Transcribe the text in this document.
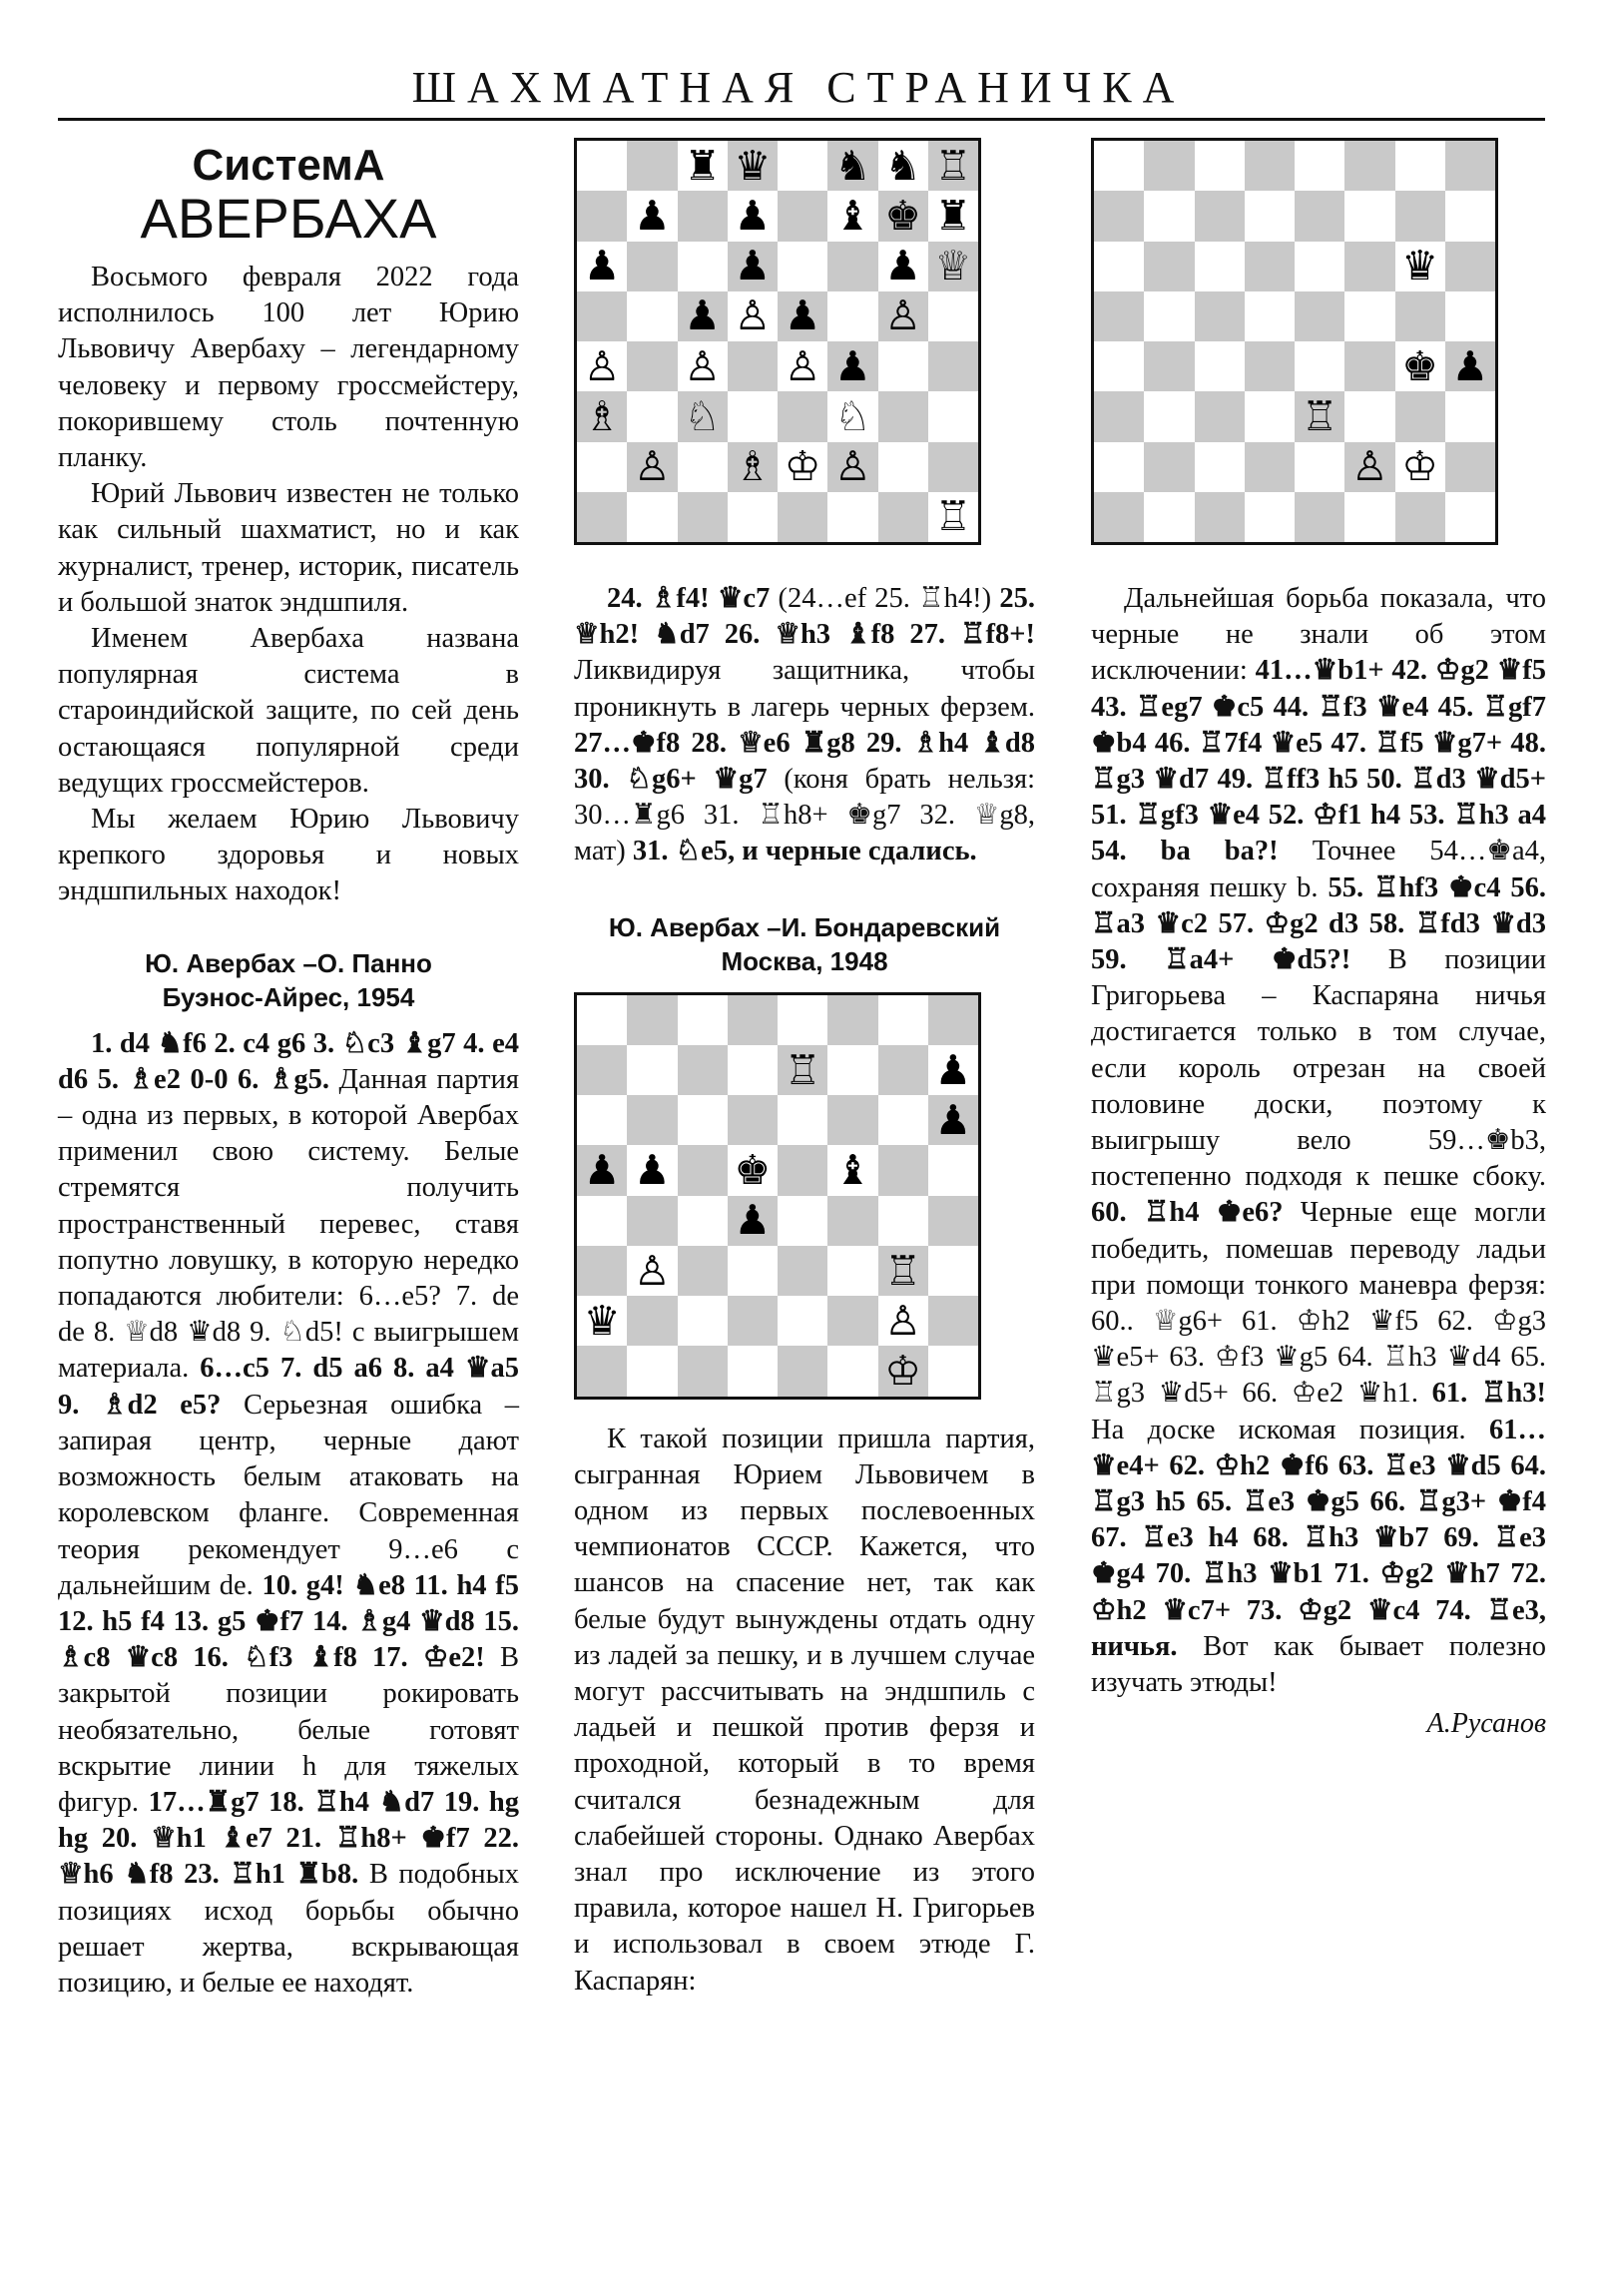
ШАХМАТНАЯ СТРАНИЧКА
СистемА
АВЕРБАХА

Восьмого февраля 2022 года исполнилось 100 лет Юрию Львовичу Авербаху – легендарному человеку и первому гроссмейстеру, покорившему столь почтенную планку.

Юрий Львович известен не только как сильный шахматист, но и как журналист, тренер, историк, писатель и большой знаток эндшпиля.

Именем Авербаха названа популярная система в староиндийской защите, по сей день остающаяся популярной среди ведущих гроссмейстеров.

Мы желаем Юрию Львовичу крепкого здоровья и новых эндшпильных находок!

Ю. Авербах –О. Панно
Буэнос-Айрес, 1954

1. d4 ♞f6 2. c4 g6 3. ♘c3 ♝g7 4. e4 d6 5. ♗e2 0-0 6. ♗g5. Данная партия – одна из первых, в которой Авербах применил свою систему. Белые стремятся получить пространственный перевес, ставя попутно ловушку, в которую нередко попадаются любители: 6…e5? 7. de de 8. ♕d8 ♛d8 9. ♘d5! с выигрышем материала. 6…c5 7. d5 a6 8. a4 ♛a5 9. ♗d2 e5? Серьезная ошибка – запирая центр, черные дают возможность белым атаковать на королевском фланге. Современная теория рекомендует 9…e6 с дальнейшим de. 10. g4! ♞e8 11. h4 f5 12. h5 f4 13. g5 ♚f7 14. ♗g4 ♛d8 15. ♗c8 ♛c8 16. ♘f3 ♝f8 17. ♔e2! В закрытой позиции рокировать необязательно, белые готовят вскрытие линии h для тяжелых фигур. 17…♜g7 18. ♖h4 ♞d7 19. hg hg 20. ♕h1 ♝e7 21. ♖h8+ ♚f7 22. ♕h6 ♞f8 23. ♖h1 ♜b8. В подобных позициях исход борьбы обычно решает жертва, вскрывающая позицию, и белые ее находят.

♜ ♛ ♞ ♞ ♖
♟ ♟ ♝ ♚ ♜
♟	♟	♟ ♕
♟ ♙ ♟ ♙
♙ ♙ ♙ ♟
♗ ♘	♘
♙ ♗ ♔ ♙
♖

24. ♗f4! ♛c7 (24…ef 25. ♖h4!) 25. ♕h2! ♞d7 26. ♕h3 ♝f8 27. ♖f8+! Ликвидируя защитника, чтобы проникнуть в лагерь черных ферзем. 27…♚f8 28. ♕e6 ♜g8 29. ♗h4 ♝d8 30. ♘g6+ ♛g7 (коня брать нельзя: 30…♜g6 31. ♖h8+ ♚g7 32. ♕g8, мат) 31. ♘e5, и черные сдались.

Ю. Авербах –И. Бондаревский
Москва, 1948
♖	♟
♟
♟ ♟ ♚ ♝
♟
♙	♖
♛	♙
♔

К такой позиции пришла партия, сыгранная Юрием Львовичем в одном из первых послевоенных чемпионатов СССР. Кажется, что шансов на спасение нет, так как белые будут вынуждены отдать одну из ладей за пешку, и в лучшем случае могут рассчитывать на эндшпиль с ладьей и пешкой против ферзя и проходной, который в то время считался безнадежным для слабейшей стороны. Однако Авербах знал про исключение из этого правила, которое нашел Н. Григорьев и использовал в своем этюде Г. Каспарян:

♛
♚ ♟
♖
♙ ♔

Дальнейшая борьба показала, что черные не знали об этом исключении: 41…♛b1+ 42. ♔g2 ♛f5 43. ♖eg7 ♚c5 44. ♖f3 ♛e4 45. ♖gf7 ♚b4 46. ♖7f4 ♛e5 47. ♖f5 ♛g7+ 48. ♖g3 ♛d7 49. ♖ff3 h5 50. ♖d3 ♛d5+ 51. ♖gf3 ♛e4 52. ♔f1 h4 53. ♖h3 a4 54. ba ba?! Точнее 54…♚a4, сохраняя пешку b. 55. ♖hf3 ♚c4 56. ♖a3 ♛c2 57. ♔g2 d3 58. ♖fd3 ♛d3 59. ♖a4+ ♚d5?! В позиции Григорьева – Каспаряна ничья достигается только в том случае, если король отрезан на своей половине доски, поэтому к выигрышу вело 59…♚b3, постепенно подходя к пешке сбоку. 60. ♖h4 ♚e6? Черные еще могли победить, помешав переводу ладьи при помощи тонкого маневра ферзя: 60.. ♕g6+ 61. ♔h2 ♛f5 62. ♔g3 ♛e5+ 63. ♔f3 ♛g5 64. ♖h3 ♛d4 65. ♖g3 ♛d5+ 66. ♔e2 ♛h1. 61. ♖h3! На доске искомая позиция. 61…♛e4+ 62. ♔h2 ♚f6 63. ♖e3 ♛d5 64. ♖g3 h5 65. ♖e3 ♚g5 66. ♖g3+ ♚f4 67. ♖e3 h4 68. ♖h3 ♛b7 69. ♖e3 ♚g4 70. ♖h3 ♛b1 71. ♔g2 ♛h7 72. ♔h2 ♛c7+ 73. ♔g2 ♛c4 74. ♖e3, ничья. Вот как бывает полезно изучать этюды!

А.Русанов
